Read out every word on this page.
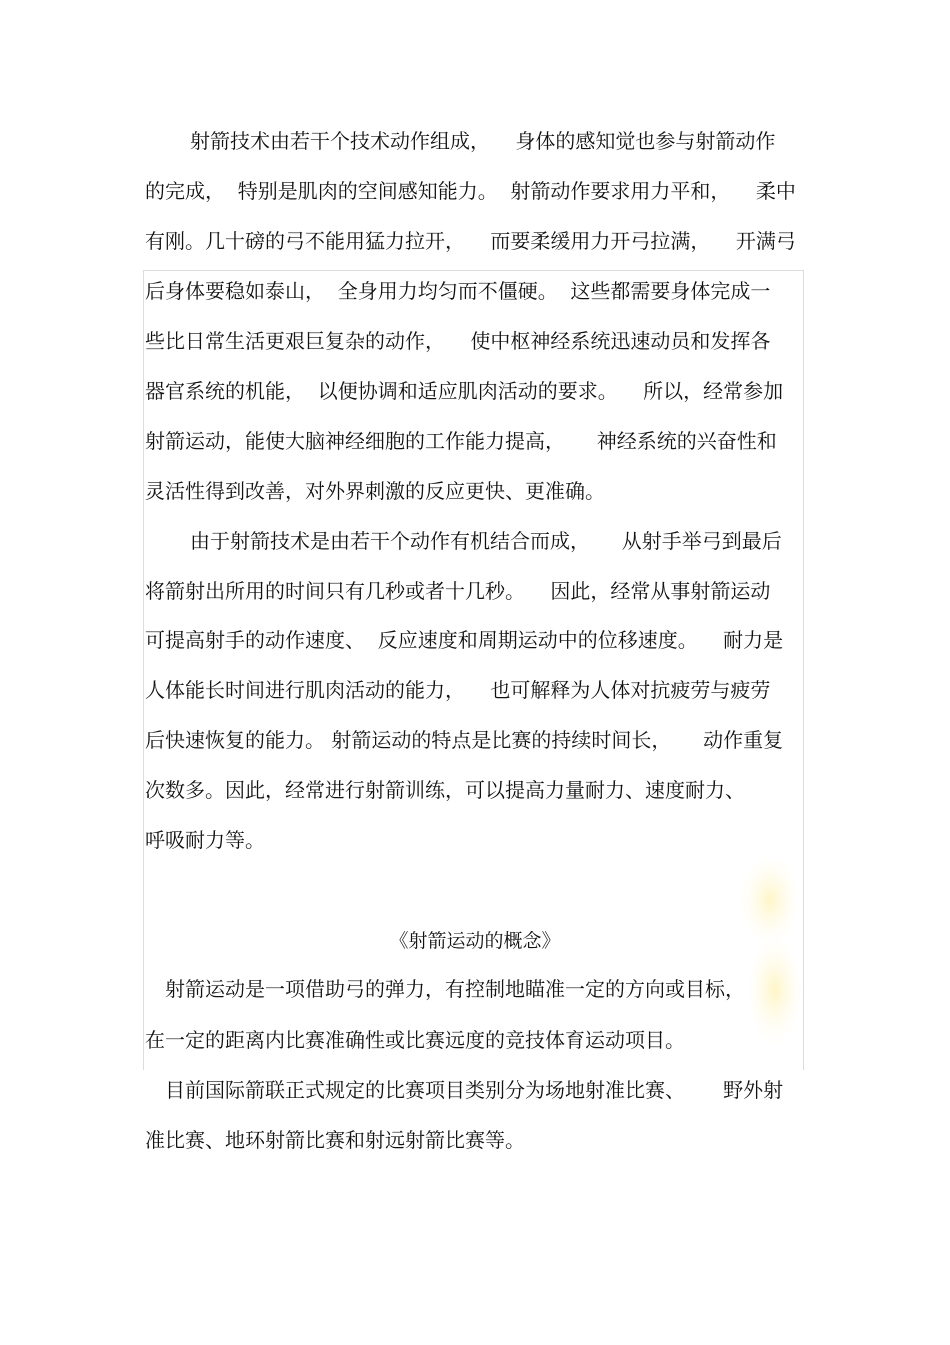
射箭技术由若干个技术动作组成，    身体的感知觉也参与射箭动作
的完成，  特别是肌肉的空间感知能力。  射箭动作要求用力平和，    柔中
有刚。几十磅的弓不能用猛力拉开，    而要柔缓用力开弓拉满，    开满弓
后身体要稳如泰山，  全身用力均匀而不僵硬。  这些都需要身体完成一
些比日常生活更艰巨复杂的动作，    使中枢神经系统迅速动员和发挥各
器官系统的机能，  以便协调和适应肌肉活动的要求。    所以，经常参加
射箭运动，能使大脑神经细胞的工作能力提高，     神经系统的兴奋性和
灵活性得到改善，对外界刺激的反应更快、更准确。
由于射箭技术是由若干个动作有机结合而成，     从射手举弓到最后
将箭射出所用的时间只有几秒或者十几秒。    因此，经常从事射箭运动
可提高射手的动作速度、  反应速度和周期运动中的位移速度。    耐力是
人体能长时间进行肌肉活动的能力，    也可解释为人体对抗疲劳与疲劳
后快速恢复的能力。 射箭运动的特点是比赛的持续时间长，     动作重复
次数多。因此，经常进行射箭训练，可以提高力量耐力、速度耐力、
呼吸耐力等。
《射箭运动的概念》
射箭运动是一项借助弓的弹力，有控制地瞄准一定的方向或目标，
在一定的距离内比赛准确性或比赛远度的竞技体育运动项目。
目前国际箭联正式规定的比赛项目类别分为场地射准比赛、      野外射
准比赛、地环射箭比赛和射远射箭比赛等。
